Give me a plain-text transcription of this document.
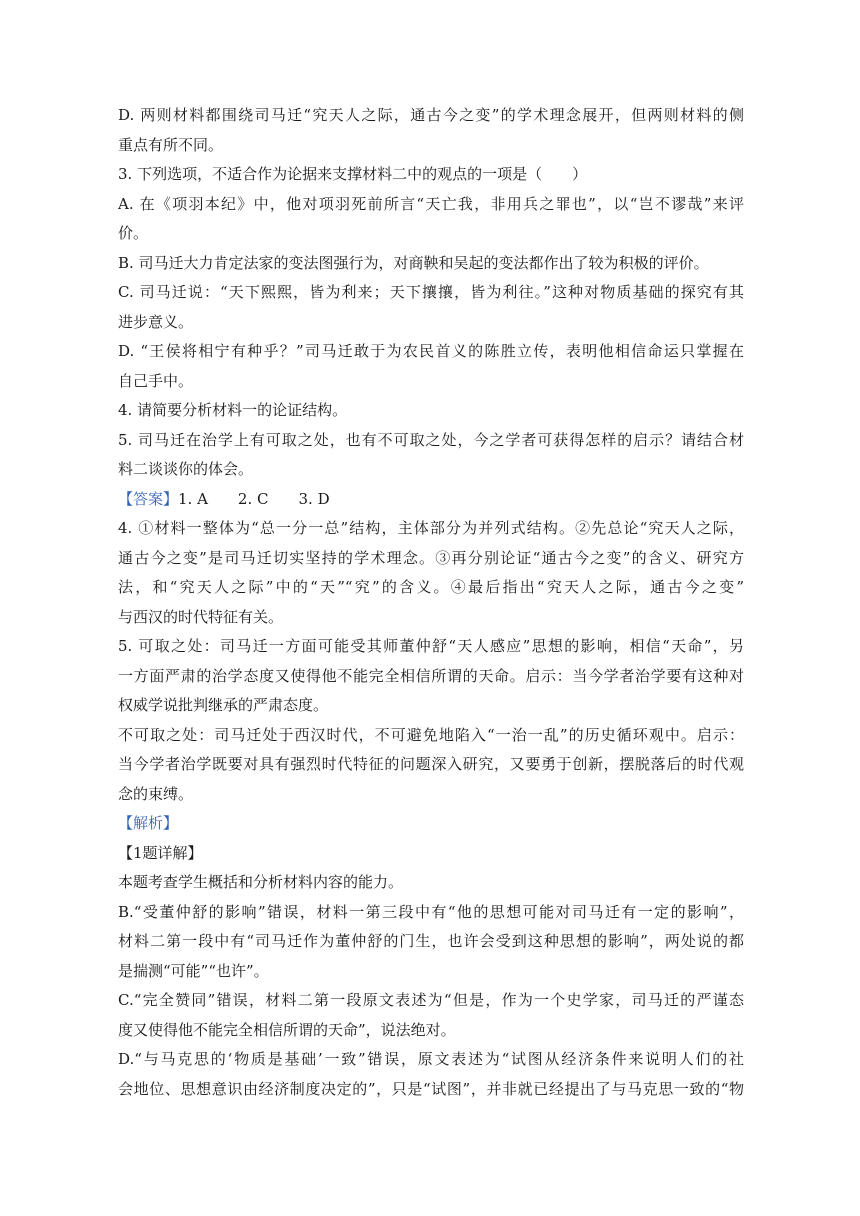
D. 两则材料都围绕司马迁“究天人之际，通古今之变”的学术理念展开，但两则材料的侧
重点有所不同。
3. 下列选项，不适合作为论据来支撑材料二中的观点的一项是（　　）
A. 在《项羽本纪》中，他对项羽死前所言“天亡我，非用兵之罪也”，以“岂不谬哉”来评
价。
B. 司马迁大力肯定法家的变法图强行为，对商鞅和吴起的变法都作出了较为积极的评价。
C. 司马迁说：“天下熙熙，皆为利来；天下攘攘，皆为利往。”这种对物质基础的探究有其
进步意义。
D. “王侯将相宁有种乎？”司马迁敢于为农民首义的陈胜立传，表明他相信命运只掌握在
自己手中。
4. 请简要分析材料一的论证结构。
5. 司马迁在治学上有可取之处，也有不可取之处，今之学者可获得怎样的启示？请结合材
料二谈谈你的体会。
【答案】1. A　　2. C　　3. D
4. ①材料一整体为“总一分一总”结构，主体部分为并列式结构。②先总论“究天人之际，
通古今之变”是司马迁切实坚持的学术理念。③再分别论证“通古今之变”的含义、研究方
法，和“究天人之际”中的“天”“究”的含义。④最后指出“究天人之际，通古今之变”
与西汉的时代特征有关。
5. 可取之处：司马迁一方面可能受其师董仲舒“天人感应”思想的影响，相信“天命”，另
一方面严肃的治学态度又使得他不能完全相信所谓的天命。启示：当今学者治学要有这种对
权威学说批判继承的严肃态度。
不可取之处：司马迁处于西汉时代，不可避免地陷入“一治一乱”的历史循环观中。启示：
当今学者治学既要对具有强烈时代特征的问题深入研究，又要勇于创新，摆脱落后的时代观
念的束缚。
【解析】
【1题详解】
本题考查学生概括和分析材料内容的能力。
B.“受董仲舒的影响”错误，材料一第三段中有“他的思想可能对司马迁有一定的影响”，
材料二第一段中有“司马迁作为董仲舒的门生，也许会受到这种思想的影响”，两处说的都
是揣测“可能”“也许”。
C.“完全赞同”错误，材料二第一段原文表述为“但是，作为一个史学家，司马迁的严谨态
度又使得他不能完全相信所谓的天命”，说法绝对。
D.“与马克思的‘物质是基础’一致”错误，原文表述为“试图从经济条件来说明人们的社
会地位、思想意识由经济制度决定的”，只是“试图”，并非就已经提出了与马克思一致的“物
